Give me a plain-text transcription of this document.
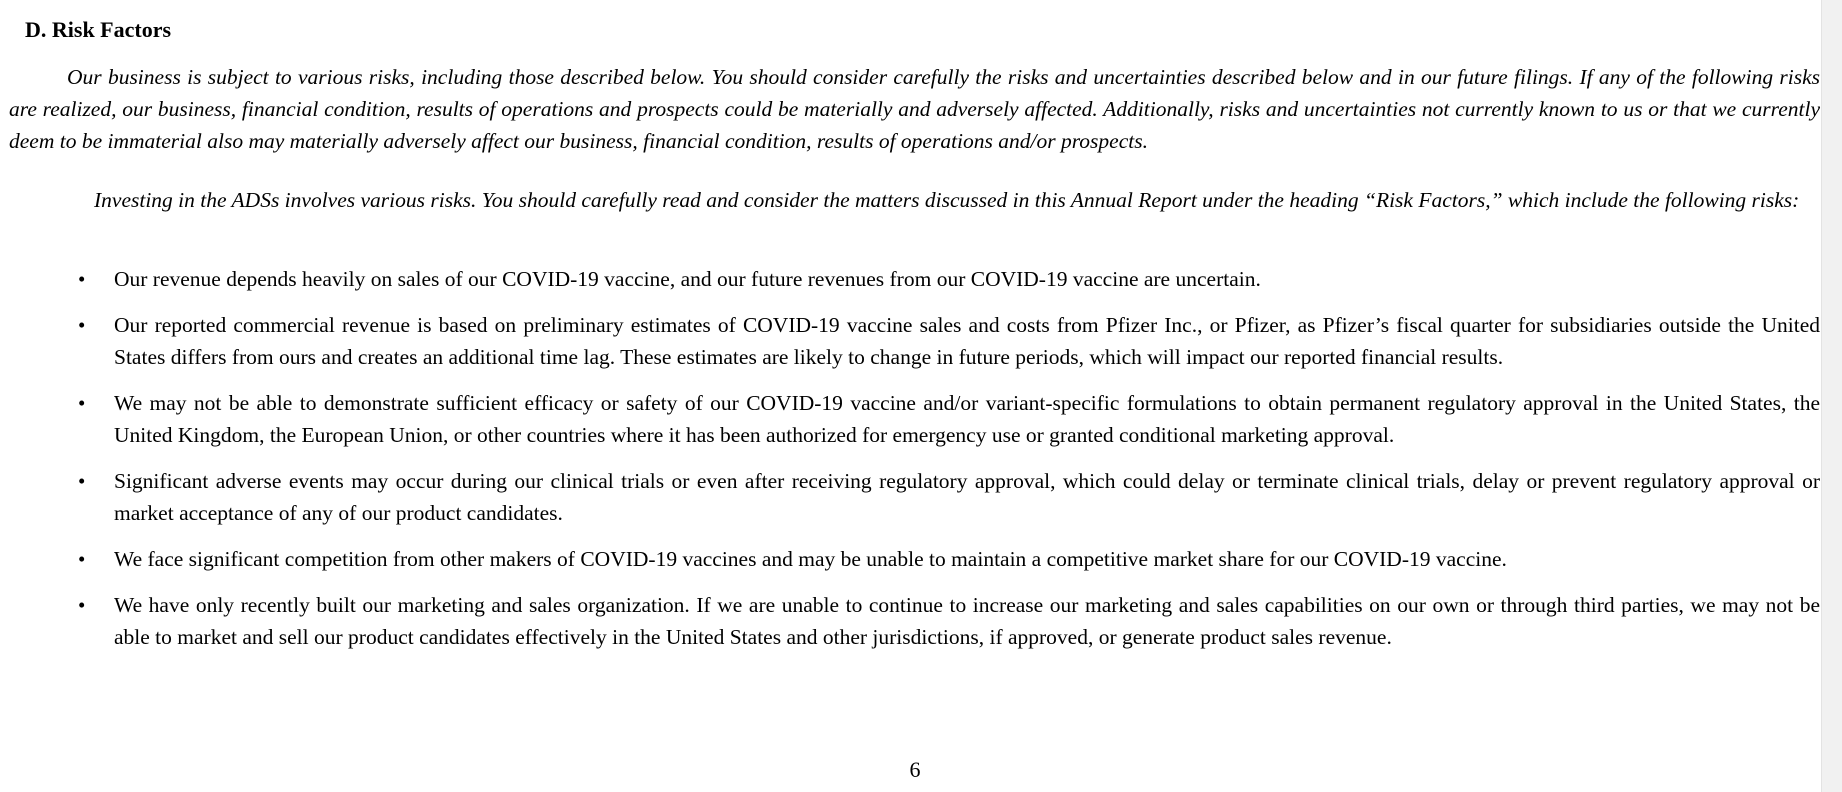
D. Risk Factors
Our business is subject to various risks, including those described below. You should consider carefully the risks and uncertainties described below and in our future filings. If any of the following risks are realized, our business, financial condition, results of operations and prospects could be materially and adversely affected. Additionally, risks and uncertainties not currently known to us or that we currently deem to be immaterial also may materially adversely affect our business, financial condition, results of operations and/or prospects.
Investing in the ADSs involves various risks. You should carefully read and consider the matters discussed in this Annual Report under the heading “Risk Factors,” which include the following risks:
• Our revenue depends heavily on sales of our COVID-19 vaccine, and our future revenues from our COVID-19 vaccine are uncertain.
• Our reported commercial revenue is based on preliminary estimates of COVID-19 vaccine sales and costs from Pfizer Inc., or Pfizer, as Pfizer’s fiscal quarter for subsidiaries outside the United States differs from ours and creates an additional time lag. These estimates are likely to change in future periods, which will impact our reported financial results.
• We may not be able to demonstrate sufficient efficacy or safety of our COVID-19 vaccine and/or variant-specific formulations to obtain permanent regulatory approval in the United States, the United Kingdom, the European Union, or other countries where it has been authorized for emergency use or granted conditional marketing approval.
• Significant adverse events may occur during our clinical trials or even after receiving regulatory approval, which could delay or terminate clinical trials, delay or prevent regulatory approval or market acceptance of any of our product candidates.
• We face significant competition from other makers of COVID-19 vaccines and may be unable to maintain a competitive market share for our COVID-19 vaccine.
• We have only recently built our marketing and sales organization. If we are unable to continue to increase our marketing and sales capabilities on our own or through third parties, we may not be able to market and sell our product candidates effectively in the United States and other jurisdictions, if approved, or generate product sales revenue.
6
